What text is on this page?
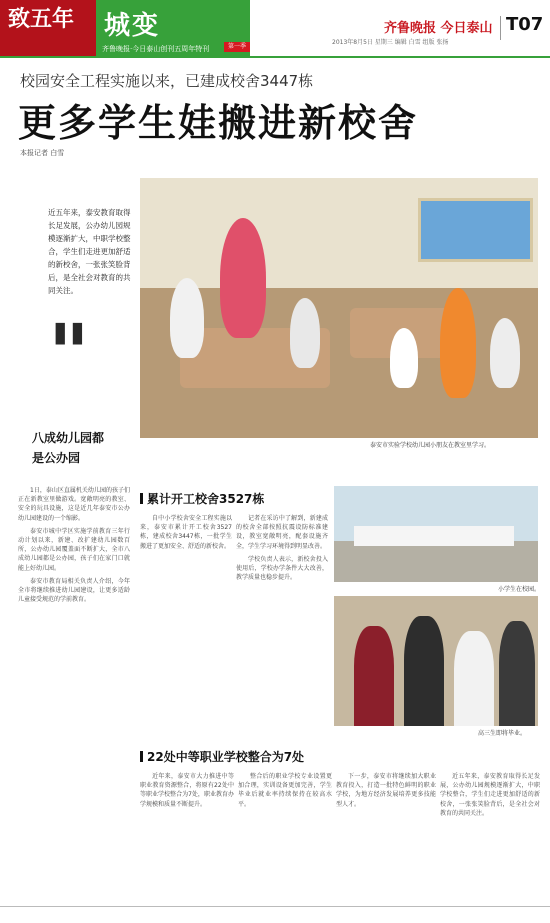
致五年 城变
齐鲁晚报·今日泰山创刊五周年特刊	第一季
齐鲁晚报 今日泰山 T07
2013年8月5日 星期三 编辑 白雪 组版 张扬
校园安全工程实施以来，已建成校舍3447栋
更多学生娃搬进新校舍
本报记者 白雪
泰安市实验学校幼儿园小朋友在教室里学习。
近五年来，泰安教育取得长足发展，公办幼儿园规模逐渐扩大，中职学校整合，学生们走进更加舒适的新校舍，一张张笑脸背后，是全社会对教育的共同关注。
"
八成幼儿园都是公办园

1日，泰山区直属机关幼儿园的孩子们正在新教室里做游戏。宽敞明亮的教室、安全的玩具设施，这是近几年泰安市公办幼儿园建设的一个缩影。

泰安市城中学区实施学前教育三年行动计划以来，新建、改扩建幼儿园数百所，公办幼儿园覆盖面不断扩大，全市八成幼儿园都是公办园，孩子们在家门口就能上好幼儿园。

泰安市教育局相关负责人介绍，今年全市将继续推进幼儿园建设，让更多适龄儿童接受规范的学前教育。

累计开工校舍3527栋

自中小学校舍安全工程实施以来，泰安市累计开工校舍3527栋，建成校舍3447栋，一批学生搬进了更加安全、舒适的新校舍。

记者在采访中了解到，新建成的校舍全部按照抗震设防标准建设，教室宽敞明亮，配套设施齐全，学生学习环境得到明显改善。

学校负责人表示，新校舍投入使用后，学校办学条件大大改善，教学质量也稳步提升。

小学生在校园。
高三生即将毕业。
22处中等职业学校整合为7处

近年来，泰安市大力推进中等职业教育资源整合，将原有22处中等职业学校整合为7处，职业教育办学规模和质量不断提升。

整合后的职业学校专业设置更加合理，实训设备更加完善，学生毕业后就业率持续保持在较高水平。

下一步，泰安市将继续加大职业教育投入，打造一批特色鲜明的职业学校，为地方经济发展培养更多技能型人才。

近五年来，泰安教育取得长足发展，公办幼儿园规模逐渐扩大，中职学校整合，学生们走进更加舒适的新校舍，一张张笑脸背后，是全社会对教育的共同关注。
